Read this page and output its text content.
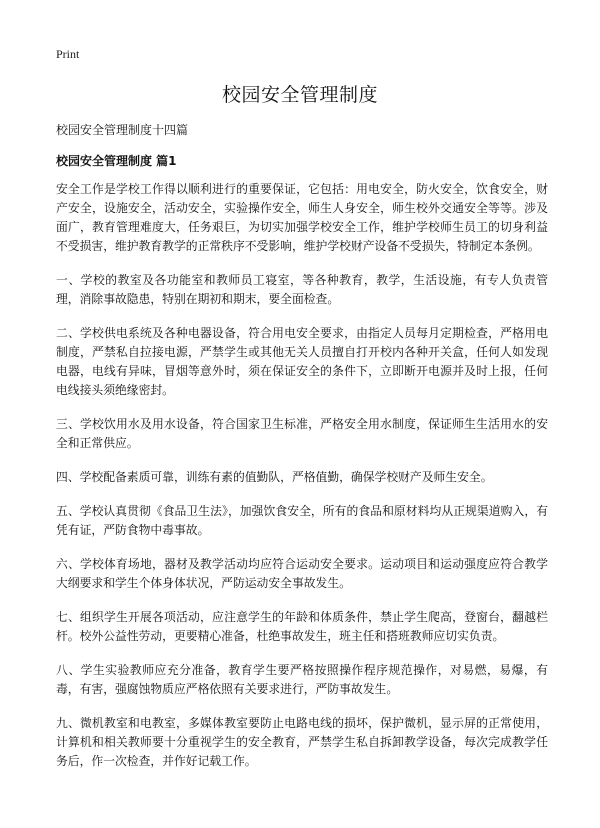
Print
校园安全管理制度
校园安全管理制度十四篇
校园安全管理制度 篇1

安全工作是学校工作得以顺利进行的重要保证，它包括：用电安全，防火安全，饮食安全，财产安全，设施安全，活动安全，实验操作安全，师生人身安全，师生校外交通安全等等。涉及面广，教育管理难度大，任务艰巨，为切实加强学校安全工作，维护学校师生员工的切身利益不受损害，维护教育教学的正常秩序不受影响，维护学校财产设备不受损失，特制定本条例。

一、学校的教室及各功能室和教师员工寝室，等各种教育，教学，生活设施，有专人负责管理，消除事故隐患，特别在期初和期末，要全面检查。

二、学校供电系统及各种电器设备，符合用电安全要求，由指定人员每月定期检查，严格用电制度，严禁私自拉接电源，严禁学生或其他无关人员擅自打开校内各种开关盒，任何人如发现电器，电线有异味，冒烟等意外时，须在保证安全的条件下，立即断开电源并及时上报，任何电线接头须绝缘密封。

三、学校饮用水及用水设备，符合国家卫生标准，严格安全用水制度，保证师生生活用水的安全和正常供应。

四、学校配备素质可靠，训练有素的值勤队，严格值勤，确保学校财产及师生安全。

五、学校认真贯彻《食品卫生法》，加强饮食安全，所有的食品和原材料均从正规渠道购入，有凭有证，严防食物中毒事故。

六、学校体育场地，器材及教学活动均应符合运动安全要求。运动项目和运动强度应符合教学大纲要求和学生个体身体状况，严防运动安全事故发生。

七、组织学生开展各项活动，应注意学生的年龄和体质条件，禁止学生爬高，登窗台，翻越栏杆。校外公益性劳动，更要精心准备，杜绝事故发生，班主任和搭班教师应切实负责。

八、学生实验教师应充分准备，教育学生要严格按照操作程序规范操作，对易燃，易爆，有毒，有害，强腐蚀物质应严格依照有关要求进行，严防事故发生。

九、微机教室和电教室，多媒体教室要防止电路电线的损坏，保护微机，显示屏的正常使用，计算机和相关教师要十分重视学生的安全教育，严禁学生私自拆卸教学设备，每次完成教学任务后，作一次检查，并作好记载工作。
